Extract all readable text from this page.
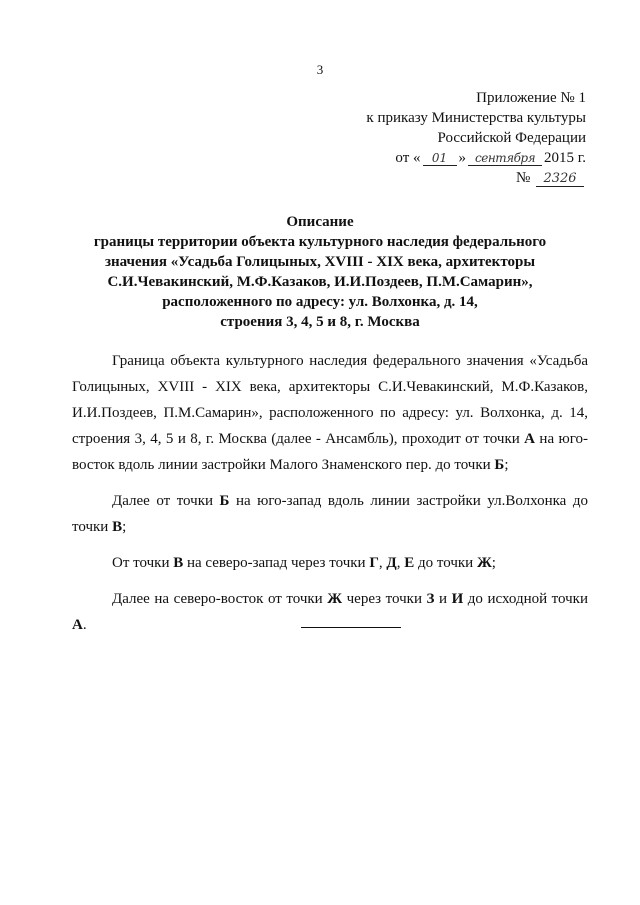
3
Приложение № 1
к приказу Министерства культуры
Российской Федерации
от « 01 » сентября 2015 г.
№ 2326
Описание
границы территории объекта культурного наследия федерального
значения «Усадьба Голицыных, XVIII - XIX века, архитекторы
С.И.Чевакинский, М.Ф.Казаков, И.И.Поздеев, П.М.Самарин»,
расположенного по адресу: ул. Волхонка, д. 14,
строения 3, 4, 5 и 8, г. Москва

Граница объекта культурного наследия федерального значения «Усадьба Голицыных, XVIII - XIX века, архитекторы С.И.Чевакинский, М.Ф.Казаков, И.И.Поздеев, П.М.Самарин», расположенного по адресу: ул. Волхонка, д. 14, строения 3, 4, 5 и 8, г. Москва (далее - Ансамбль), проходит от точки А на юго-восток вдоль линии застройки Малого Знаменского пер. до точки Б;

Далее от точки Б на юго-запад вдоль линии застройки ул.Волхонка до точки В;

От точки В на северо-запад через точки Г, Д, Е до точки Ж;

Далее на северо-восток от точки Ж через точки З и И до исходной точки А.
